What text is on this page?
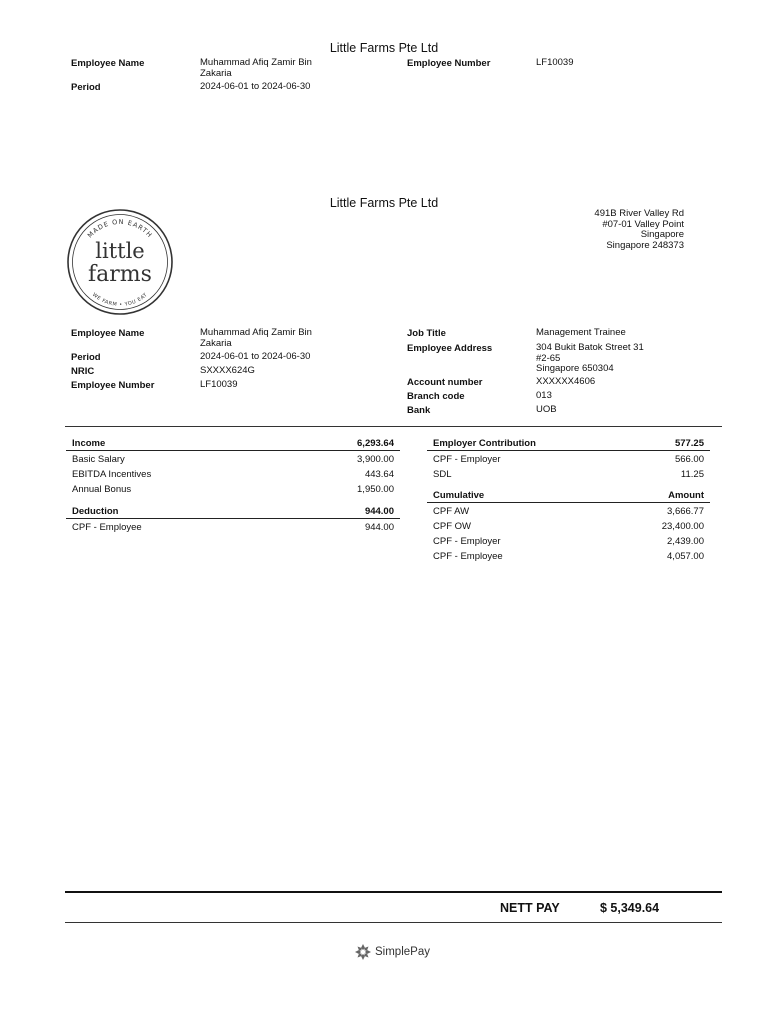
Little Farms Pte Ltd
Employee Name	Muhammad Afiq Zamir Bin
Zakaria
Employee Number	LF10039
Period	2024-06-01 to 2024-06-30
Little Farms Pte Ltd
MADE ON EARTH
WE FARM • YOU EAT
little
farms
491B River Valley Rd
#07-01 Valley Point
Singapore
Singapore 248373
Employee Name	Muhammad Afiq Zamir Bin
Zakaria
Period	2024-06-01 to 2024-06-30
NRIC	SXXXX624G
Employee Number	LF10039
Job Title	Management Trainee
Employee Address	304 Bukit Batok Street 31
#2-65
Singapore 650304
Account number	XXXXXX4606
Branch code	013
Bank	UOB
Income	6,293.64
Basic Salary	3,900.00
EBITDA Incentives	443.64
Annual Bonus	1,950.00
Deduction	944.00
CPF - Employee	944.00
Employer Contribution	577.25
CPF - Employer	566.00
SDL	11.25
Cumulative	Amount
CPF AW	3,666.77
CPF OW	23,400.00
CPF - Employer	2,439.00
CPF - Employee	4,057.00
NETT PAY	$ 5,349.64
SimplePay
